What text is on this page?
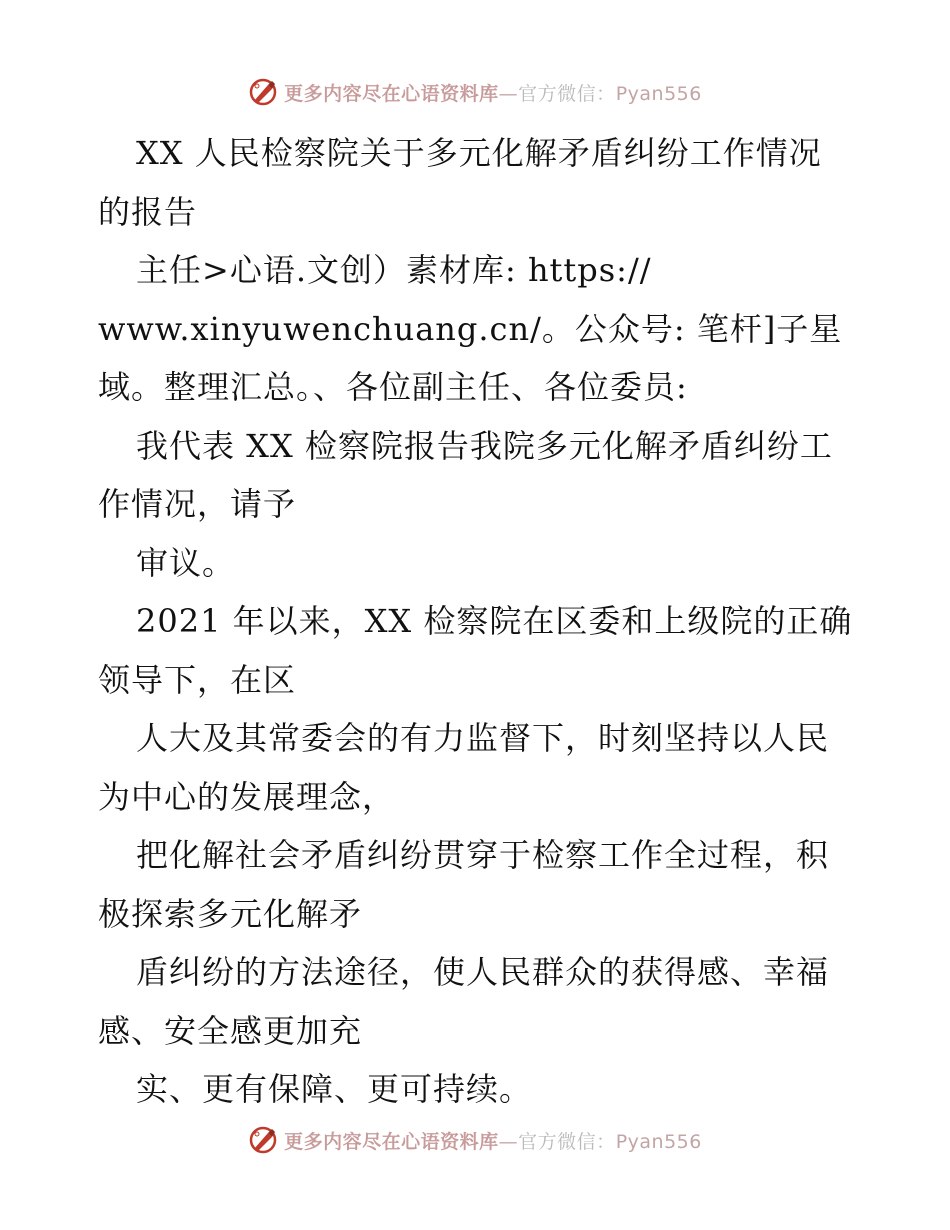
更多内容尽在心语资料库—官方微信：Pyan556
XX 人民检察院关于多元化解矛盾纠纷工作情况
的报告
主任>心语.文创）素材库: https://
www.xinyuwenchuang.cn/。公众号: 笔杆]子星
域。整理汇总。、各位副主任、各位委员:
我代表 XX 检察院报告我院多元化解矛盾纠纷工
作情况，请予
审议。
2021 年以来，XX 检察院在区委和上级院的正确
领导下，在区
人大及其常委会的有力监督下，时刻坚持以人民
为中心的发展理念，
把化解社会矛盾纠纷贯穿于检察工作全过程，积
极探索多元化解矛
盾纠纷的方法途径，使人民群众的获得感、幸福
感、安全感更加充
实、更有保障、更可持续。
更多内容尽在心语资料库—官方微信：Pyan556
